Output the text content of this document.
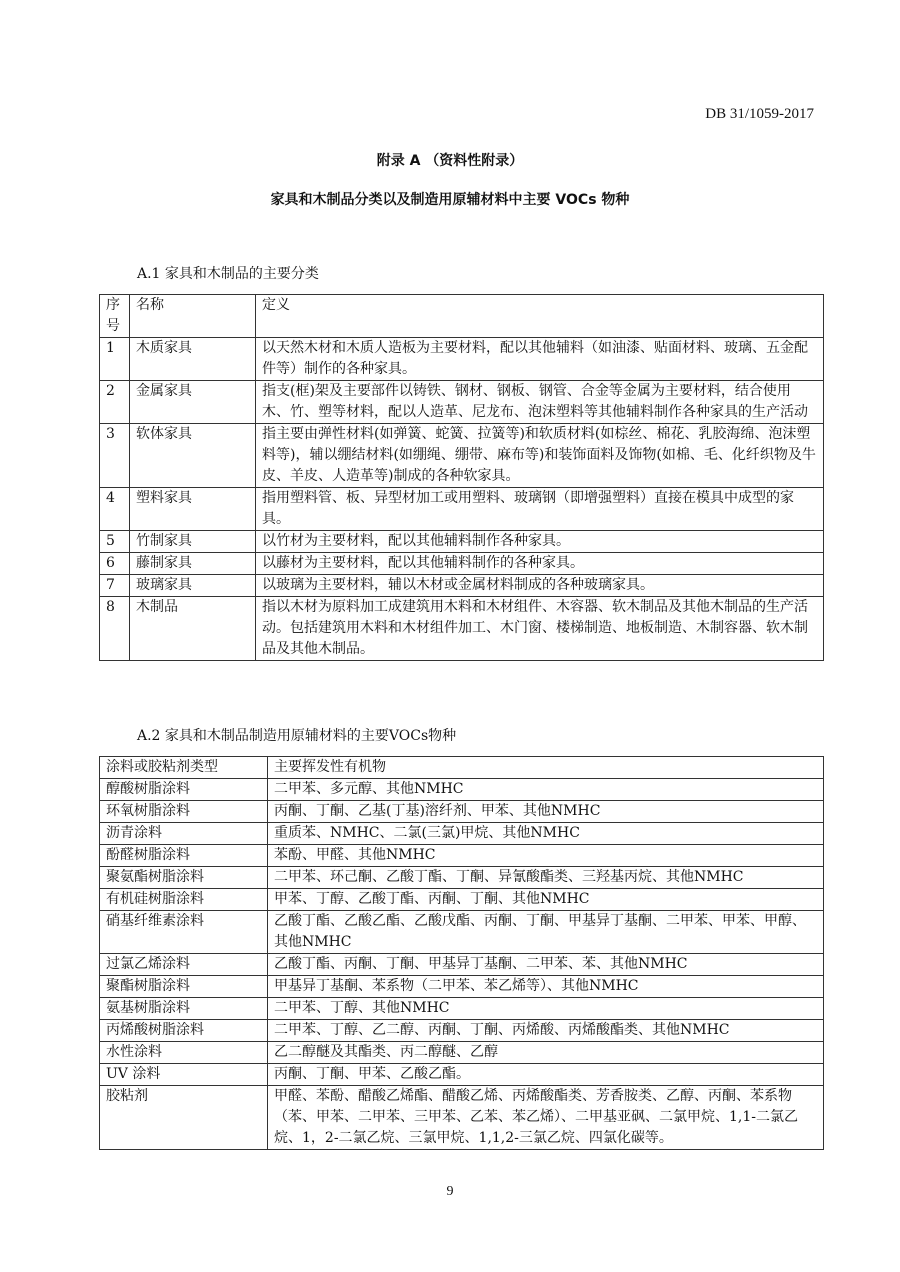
DB 31/1059-2017
附录 A （资料性附录）
家具和木制品分类以及制造用原辅材料中主要 VOCs 物种
A.1 家具和木制品的主要分类
序号	名称	定义
1	木质家具	以天然木材和木质人造板为主要材料，配以其他辅料（如油漆、贴面材料、玻璃、五金配件等）制作的各种家具。
2	金属家具	指支(框)架及主要部件以铸铁、钢材、钢板、钢管、合金等金属为主要材料，结合使用木、竹、塑等材料，配以人造革、尼龙布、泡沫塑料等其他辅料制作各种家具的生产活动
3	软体家具	指主要由弹性材料(如弹簧、蛇簧、拉簧等)和软质材料(如棕丝、棉花、乳胶海绵、泡沫塑料等)，辅以绷结材料(如绷绳、绷带、麻布等)和装饰面料及饰物(如棉、毛、化纤织物及牛皮、羊皮、人造革等)制成的各种软家具。
4	塑料家具	指用塑料管、板、异型材加工或用塑料、玻璃钢（即增强塑料）直接在模具中成型的家具。
5	竹制家具	以竹材为主要材料，配以其他辅料制作各种家具。
6	藤制家具	以藤材为主要材料，配以其他辅料制作的各种家具。
7	玻璃家具	以玻璃为主要材料，辅以木材或金属材料制成的各种玻璃家具。
8	木制品	指以木材为原料加工成建筑用木料和木材组件、木容器、软木制品及其他木制品的生产活动。包括建筑用木料和木材组件加工、木门窗、楼梯制造、地板制造、木制容器、软木制品及其他木制品。
A.2 家具和木制品制造用原辅材料的主要VOCs物种
涂料或胶粘剂类型	主要挥发性有机物
醇酸树脂涂料	二甲苯、多元醇、其他NMHC
环氧树脂涂料	丙酮、丁酮、乙基(丁基)溶纤剂、甲苯、其他NMHC
沥青涂料	重质苯、NMHC、二氯(三氯)甲烷、其他NMHC
酚醛树脂涂料	苯酚、甲醛、其他NMHC
聚氨酯树脂涂料	二甲苯、环己酮、乙酸丁酯、丁酮、异氰酸酯类、三羟基丙烷、其他NMHC
有机硅树脂涂料	甲苯、丁醇、乙酸丁酯、丙酮、丁酮、其他NMHC
硝基纤维素涂料	乙酸丁酯、乙酸乙酯、乙酸戊酯、丙酮、丁酮、甲基异丁基酮、二甲苯、甲苯、甲醇、其他NMHC
过氯乙烯涂料	乙酸丁酯、丙酮、丁酮、甲基异丁基酮、二甲苯、苯、其他NMHC
聚酯树脂涂料	甲基异丁基酮、苯系物（二甲苯、苯乙烯等）、其他NMHC
氨基树脂涂料	二甲苯、丁醇、其他NMHC
丙烯酸树脂涂料	二甲苯、丁醇、乙二醇、丙酮、丁酮、丙烯酸、丙烯酸酯类、其他NMHC
水性涂料	乙二醇醚及其酯类、丙二醇醚、乙醇
UV 涂料	丙酮、丁酮、甲苯、乙酸乙酯。
胶粘剂	甲醛、苯酚、醋酸乙烯酯、醋酸乙烯、丙烯酸酯类、芳香胺类、乙醇、丙酮、苯系物（苯、甲苯、二甲苯、三甲苯、乙苯、苯乙烯）、二甲基亚砜、二氯甲烷、1,1-二氯乙烷、1，2-二氯乙烷、三氯甲烷、1,1,2-三氯乙烷、四氯化碳等。
9
